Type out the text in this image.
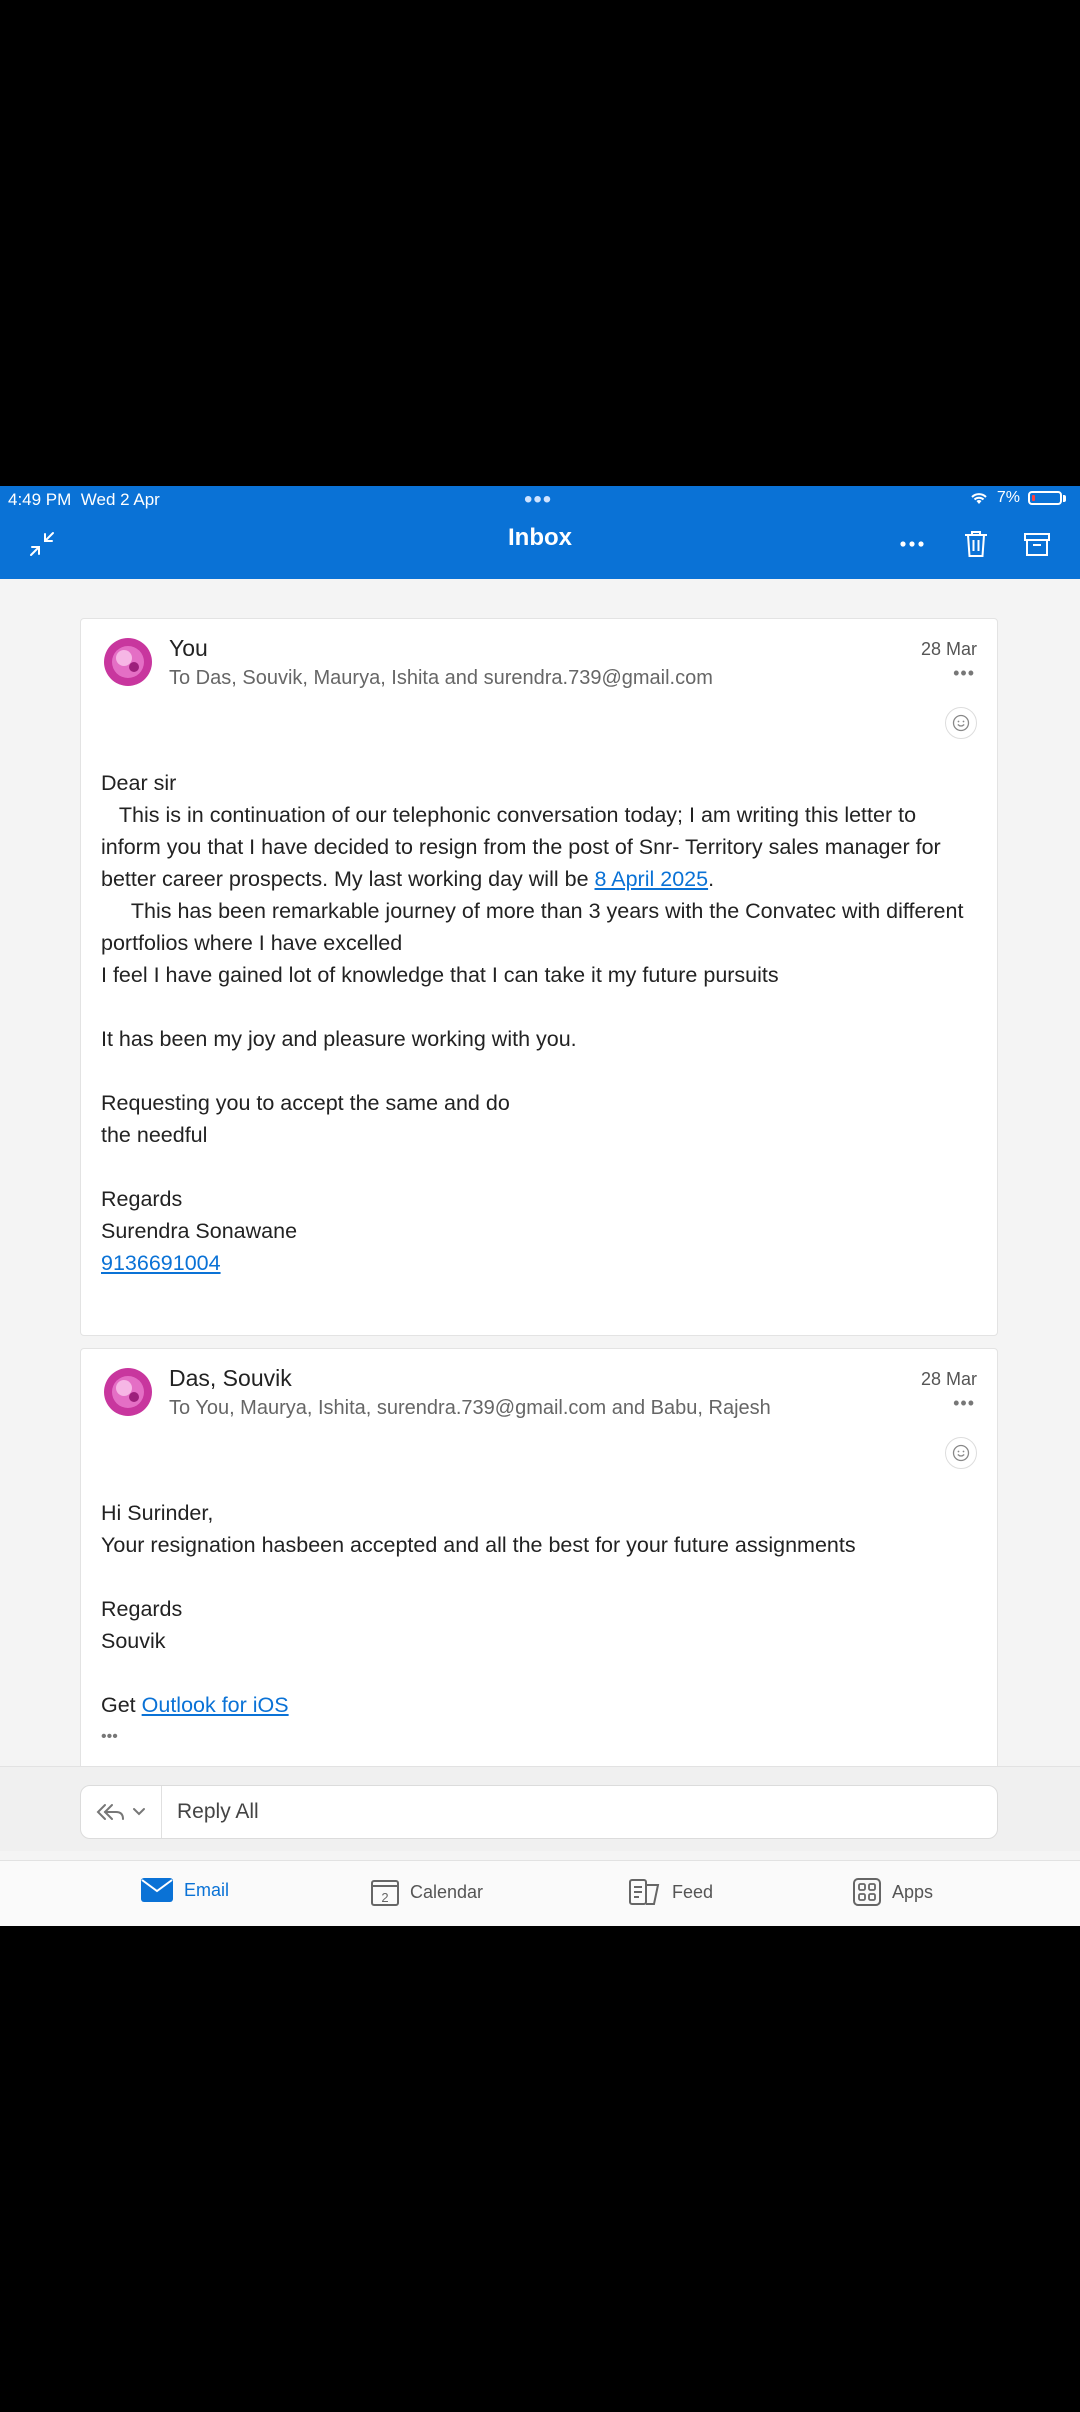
4:49 PM Wed 2 Apr	•••	7%
Inbox
You
To Das, Souvik, Maurya, Ishita and surendra.739@gmail.com
28 Mar
•••

Dear sir

This is in continuation of our telephonic conversation today; I am writing this letter to inform you that I have decided to resign from the post of Snr- Territory sales manager for better career prospects. My last working day will be 8 April 2025.

This has been remarkable journey of more than 3 years with the Convatec with different portfolios where I have excelled

I feel I have gained lot of knowledge that I can take it my future pursuits

It has been my joy and pleasure working with you.

Requesting you to accept the same and do

the needful

Regards

Surendra Sonawane

9136691004

Das, Souvik
To You, Maurya, Ishita, surendra.739@gmail.com and Babu, Rajesh
28 Mar
•••

Hi Surinder,

Your resignation hasbeen accepted and all the best for your future assignments

Regards

Souvik

Get Outlook for iOS

•••

Reply All
Email	2 Calendar	Feed	Apps
